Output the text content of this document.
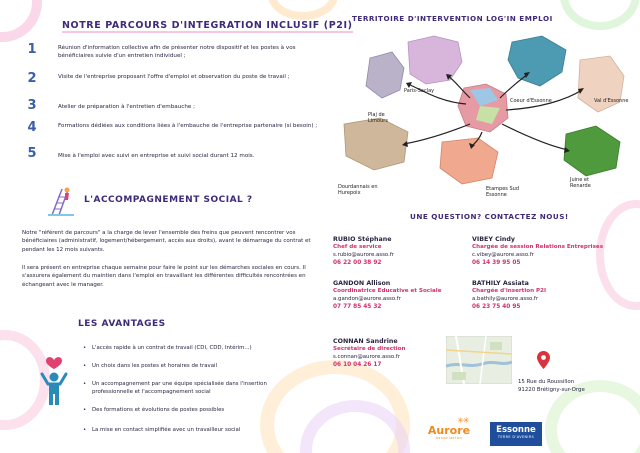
NOTRE PARCOURS D'INTEGRATION INCLUSIF (P2I)
1	Réunion d'information collective afin de présenter notre dispositif et les postes à vos bénéficiaires suivie d'un entretien individuel ;
2	Visite de l'entreprise proposant l'offre d'emploi et observation du poste de travail ;
3	Atelier de préparation à l'entretien d'embauche ;
4	Formations dédiées aux conditions liées à l'embauche de l'entreprise partenaire (si besoin) ;
5	Mise à l'emploi avec suivi en entreprise et suivi social durant 12 mois.
L'ACCOMPAGNEMENT SOCIAL ?
Notre "référent de parcours" a la charge de lever l'ensemble des freins que peuvent rencontrer vos bénéficiaires (administratif, logement/hébergement, accès aux droits), avant le démarrage du contrat et pendant les 12 mois suivants.
Il sera présent en entreprise chaque semaine pour faire le point sur les démarches sociales en cours. Il s'assurera également du maintien dans l'emploi en travaillant les différentes difficultés rencontrées en échangeant avec le manager.
LES AVANTAGES
• L'accès rapide à un contrat de travail (CDI, CDD, Intérim...)
• Un choix dans les postes et horaires de travail
• Un accompagnement par une équipe spécialisée dans l'insertion professionnelle et l'accompagnement social
• Des formations et évolutions de postes possibles
• La mise en contact simplifiée avec un travailleur social
TERRITOIRE D'INTERVENTION LOG'IN EMPLOI
Paris-Saclay
Plaj de Limours
Coeur d'Essonne	Val d'Essonne
Dourdannais en Hurepoix
Etampes Sud Essonne
Juine et Renarde
UNE QUESTION? CONTACTEZ NOUS!
RUBIO Stéphane
Chef de service
s.rubio@aurore.asso.fr
06 22 00 38 92
VIBEY Cindy
Chargée de session Relations Entreprises
c.vibey@aurore.asso.fr
06 14 39 95 05
GANDON Allison
Coordinatrice Educative et Sociale
a.gandon@aurore.asso.fr
07 77 85 45 32
BATHILY Assiata
Chargée d'insertion P2I
a.bathily@aurore.asso.fr
06 23 75 40 95
CONNAN Sandrine
Secrétaire de direction
s.connan@aurore.asso.fr
06 10 04 26 17
15 Rue du Roussillon
91220 Brétigny-sur-Orge
✳✳
Aurore
association
Essonne
TERRE D'AVENIRS
